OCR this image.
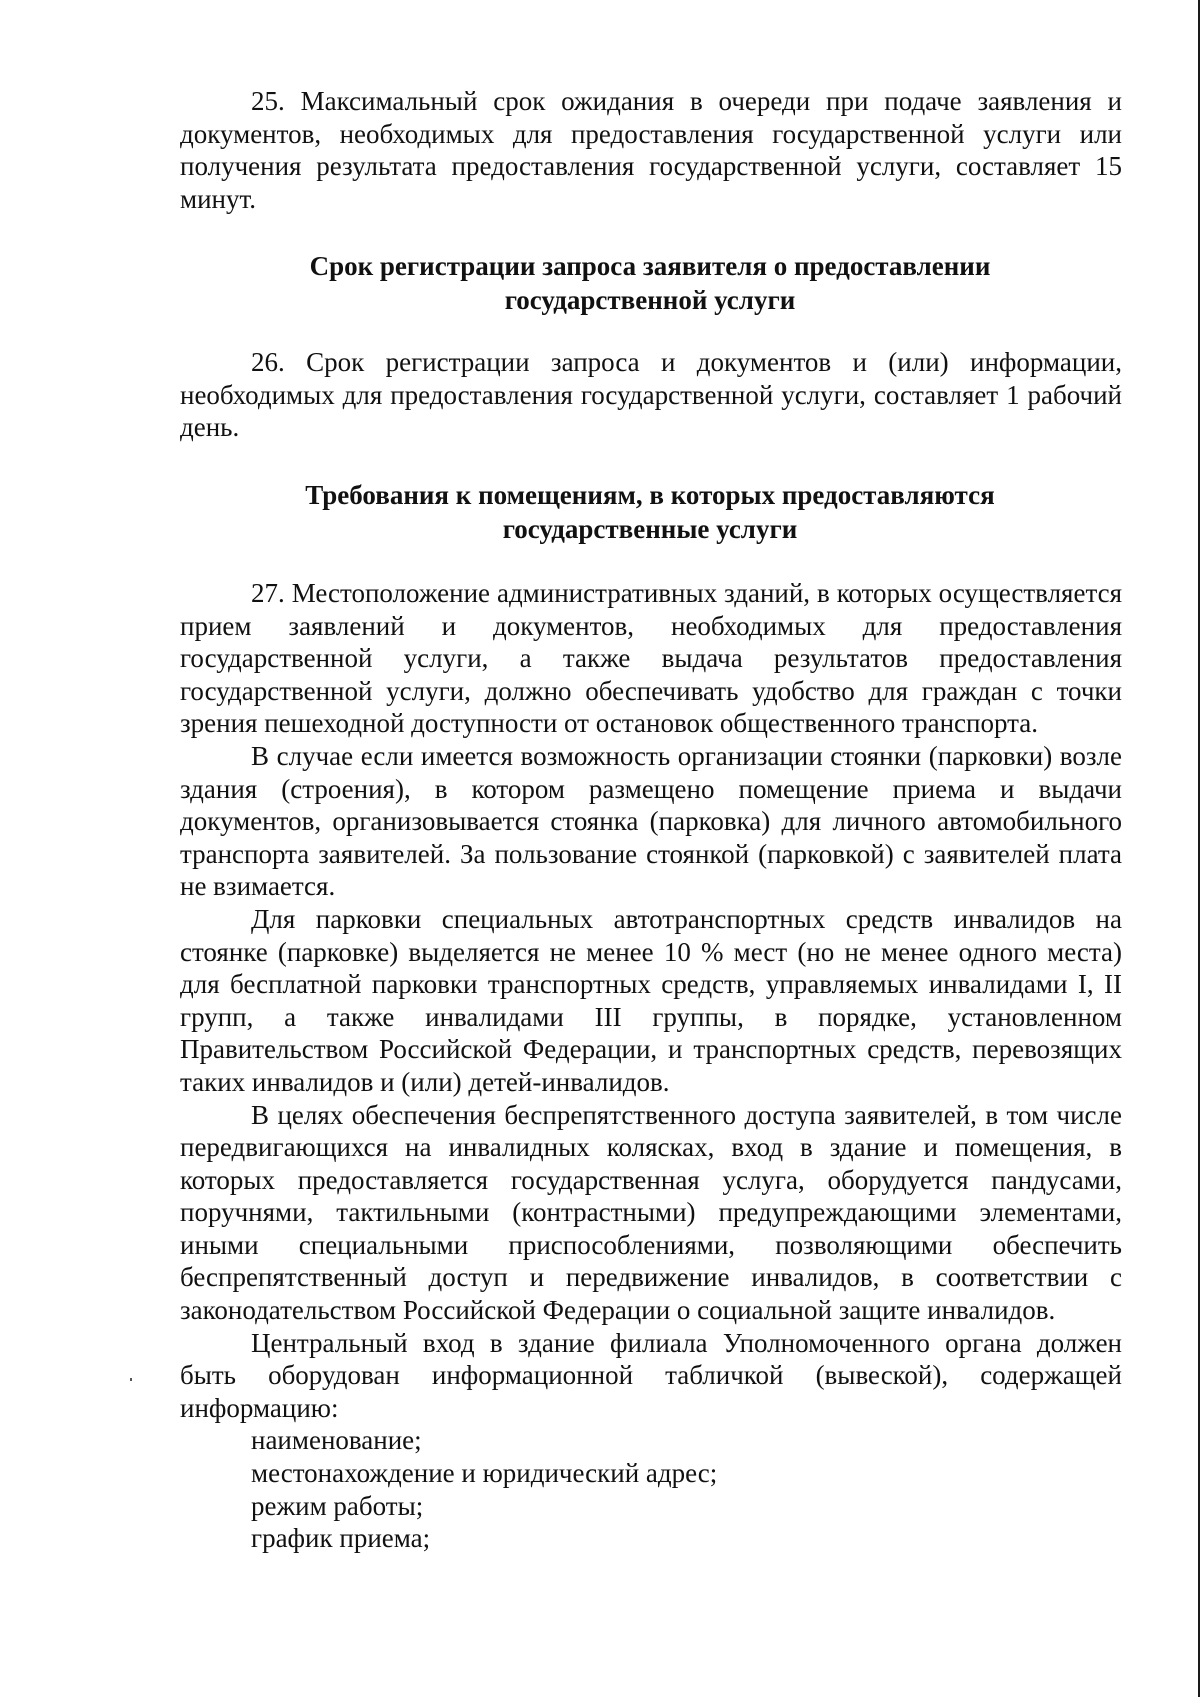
25. Максимальный срок ожидания в очереди при подаче заявления и документов, необходимых для предоставления государственной услуги или получения результата предоставления государственной услуги, составляет 15 минут.

Срок регистрации запроса заявителя о предоставлении государственной услуги

26. Срок регистрации запроса и документов и (или) информации, необходимых для предоставления государственной услуги, составляет 1 рабочий день.

Требования к помещениям, в которых предоставляются государственные услуги

27. Местоположение административных зданий, в которых осуществляется прием заявлений и документов, необходимых для предоставления государственной услуги, а также выдача результатов предоставления государственной услуги, должно обеспечивать удобство для граждан с точки зрения пешеходной доступности от остановок общественного транспорта.

В случае если имеется возможность организации стоянки (парковки) возле здания (строения), в котором размещено помещение приема и выдачи документов, организовывается стоянка (парковка) для личного автомобильного транспорта заявителей. За пользование стоянкой (парковкой) с заявителей плата не взимается.

Для парковки специальных автотранспортных средств инвалидов на стоянке (парковке) выделяется не менее 10 % мест (но не менее одного места) для бесплатной парковки транспортных средств, управляемых инвалидами I, II групп, а также инвалидами III группы, в порядке, установленном Правительством Российской Федерации, и транспортных средств, перевозящих таких инвалидов и (или) детей-инвалидов.

В целях обеспечения беспрепятственного доступа заявителей, в том числе передвигающихся на инвалидных колясках, вход в здание и помещения, в которых предоставляется государственная услуга, оборудуется пандусами, поручнями, тактильными (контрастными) предупреждающими элементами, иными специальными приспособлениями, позволяющими обеспечить беспрепятственный доступ и передвижение инвалидов, в соответствии с законодательством Российской Федерации о социальной защите инвалидов.

Центральный вход в здание филиала Уполномоченного органа должен быть оборудован информационной табличкой (вывеской), содержащей информацию:

наименование;

местонахождение и юридический адрес;

режим работы;

график приема;
